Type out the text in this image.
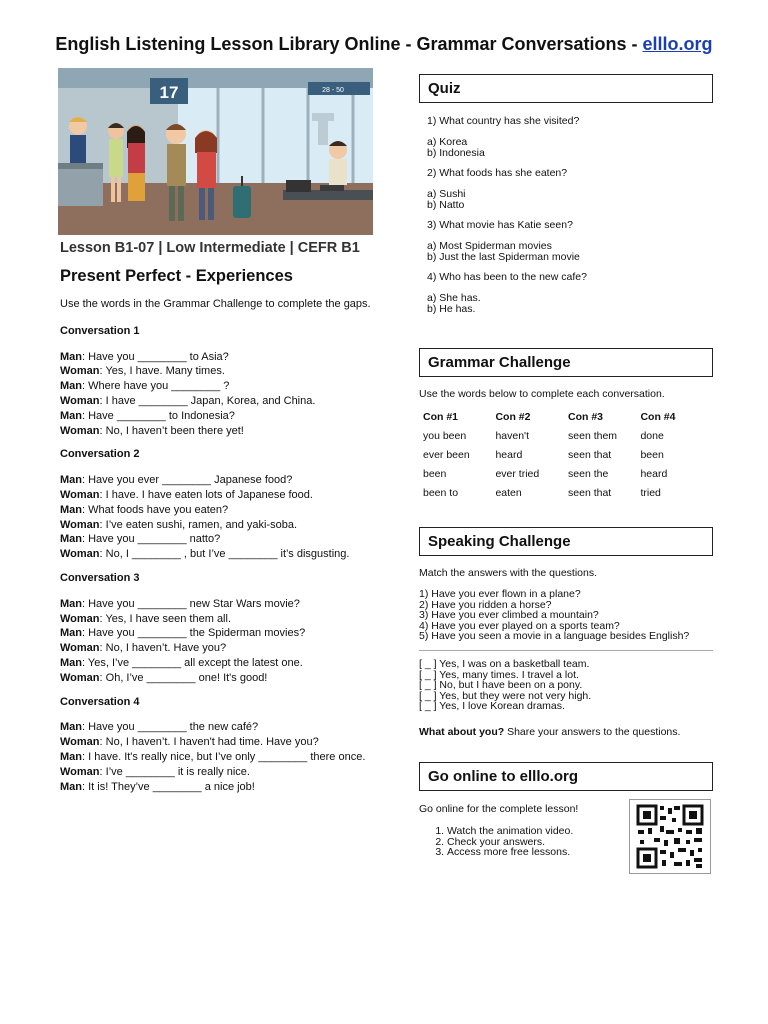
English Listening Lesson Library Online - Grammar Conversations - elllo.org
17	28 - 50
Lesson B1-07 | Low Intermediate | CEFR B1
Present Perfect - Experiences

Use the words in the Grammar Challenge to complete the gaps.

Conversation 1

Man: Have you ________ to Asia?

Woman: Yes, I have. Many times.

Man: Where have you ________ ?

Woman: I have ________ Japan, Korea, and China.

Man: Have ________ to Indonesia?

Woman: No, I haven’t been there yet!

Conversation 2

Man: Have you ever ________ Japanese food?

Woman: I have. I have eaten lots of Japanese food.

Man: What foods have you eaten?

Woman: I’ve eaten sushi, ramen, and yaki-soba.

Man: Have you ________ natto?

Woman: No, I ________ , but I’ve ________ it’s disgusting.

Conversation 3

Man: Have you ________ new Star Wars movie?

Woman: Yes, I have seen them all.

Man: Have you ________ the Spiderman movies?

Woman: No, I haven’t. Have you?

Man: Yes, I’ve ________ all except the latest one.

Woman: Oh, I’ve ________ one! It's good!

Conversation 4

Man: Have you ________ the new café?

Woman: No, I haven’t. I haven't had time. Have you?

Man: I have. It's really nice, but I’ve only ________ there once.

Woman: I’ve ________ it is really nice.

Man: It is! They’ve ________ a nice job!

Quiz

1) What country has she visited?

a) Korea

b) Indonesia

2) What foods has she eaten?

a) Sushi

b) Natto

3) What movie has Katie seen?

a) Most Spiderman movies

b) Just the last Spiderman movie

4) Who has been to the new cafe?

a) She has.

b) He has.

Grammar Challenge

Use the words below to complete each conversation.

Con #1	Con #2	Con #3	Con #4
you been	haven't	seen them	done
ever been	heard	seen that	been
been	ever tried	seen the	heard
been to	eaten	seen that	tried
Speaking Challenge

Match the answers with the questions.

1) Have you ever flown in a plane?
2) Have you ridden a horse?
3) Have you ever climbed a mountain?
4) Have you ever played on a sports team?
5) Have you seen a movie in a language besides English?
[ _ ] Yes, I was on a basketball team.
[ _ ] Yes, many times. I travel a lot.
[ _ ] No, but I have been on a pony.
[ _ ] Yes, but they were not very high.
[ _ ] Yes, I love Korean dramas.

What about you? Share your answers to the questions.

Go online to elllo.org

Go online for the complete lesson!

1. Watch the animation video.
2. Check your answers.
3. Access more free lessons.
